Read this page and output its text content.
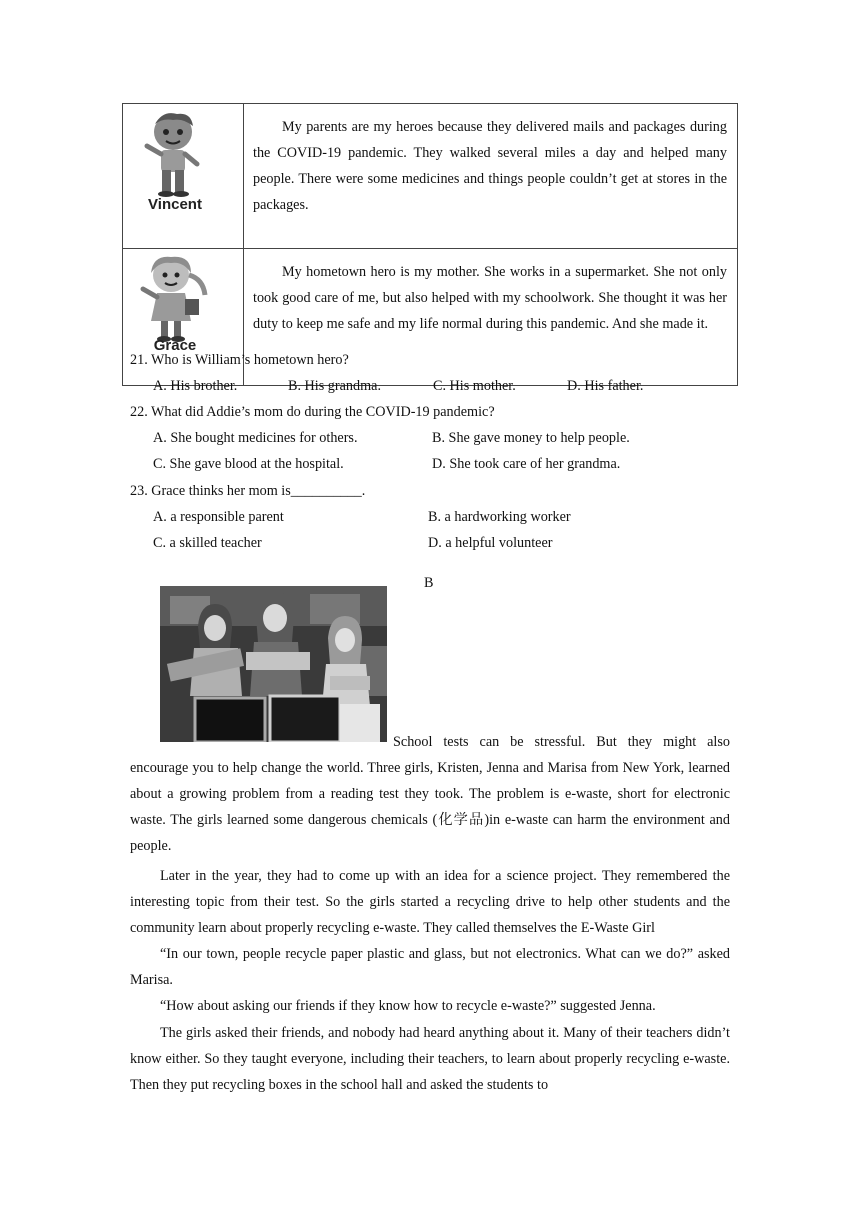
Vincent	My parents are my heroes because they delivered mails and packages during the COVID-19 pandemic. They walked several miles a day and helped many people. There were some medicines and things people couldn’t get at stores in the packages.

Grace	My hometown hero is my mother. She works in a supermarket. She not only took good care of me, but also helped with my schoolwork. She thought it was her duty to keep me safe and my life normal during this pandemic. And she made it.

21. Who is William’s hometown hero?

A. His brother.	B. His grandma.	C. His mother.	D. His father.

22. What did Addie’s mom do during the COVID-19 pandemic?

A. She bought medicines for others.	B. She gave money to help people.

C. She gave blood at the hospital.	D. She took care of her grandma.

23. Grace thinks her mom is__________.

A. a responsible parent	B. a hardworking worker

C. a skilled teacher	D. a helpful volunteer

B

School tests can be stressful. But they might also

encourage you to help change the world. Three girls, Kristen, Jenna and Marisa from New York, learned about a growing problem from a reading test they took. The problem is e-waste, short for electronic waste. The girls learned some dangerous chemicals (化学品)in e-waste can harm the environment and people.

Later in the year, they had to come up with an idea for a science project. They remembered the interesting topic from their test. So the girls started a recycling drive to help other students and the community learn about properly recycling e-waste. They called themselves the E-Waste Girl

“In our town, people recycle paper plastic and glass, but not electronics. What can we do?” asked Marisa.

“How about asking our friends if they know how to recycle e-waste?” suggested Jenna.

The girls asked their friends, and nobody had heard anything about it. Many of their teachers didn’t know either. So they taught everyone, including their teachers, to learn about properly recycling e-waste. Then they put recycling boxes in the school hall and asked the students to
